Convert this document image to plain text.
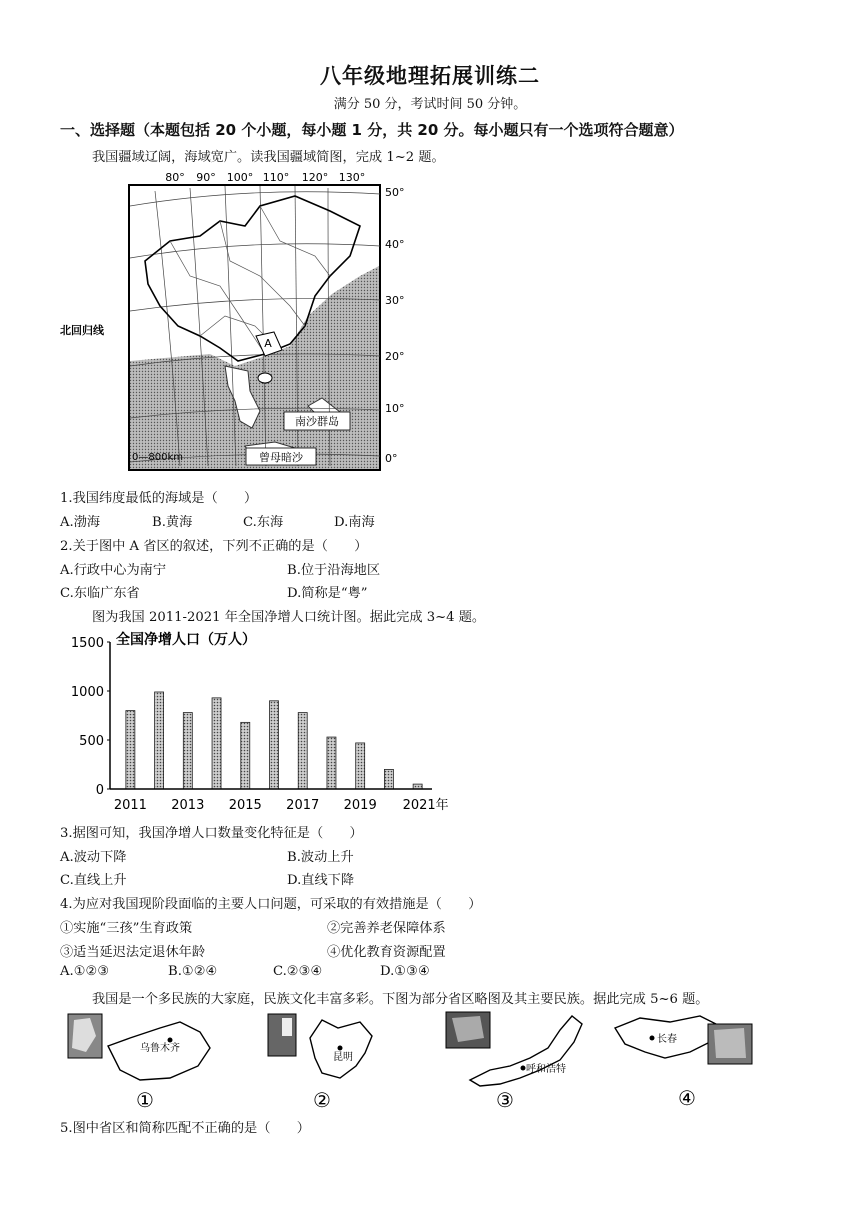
八年级地理拓展训练二
满分 50 分，考试时间 50 分钟。
一、选择题（本题包括 20 个小题，每小题 1 分，共 20 分。每小题只有一个选项符合题意）
我国疆域辽阔，海域宽广。读我国疆域简图，完成 1~2 题。
A
南沙群岛
曾母暗沙
0—800km
北回归线
80° 90° 100° 110° 120° 130°
50°
40°
30°
20°
10°
0°
1.我国纬度最低的海域是（　　）
A.渤海	B.黄海	C.东海	D.南海
2.关于图中 A 省区的叙述，下列不正确的是（　　）
A.行政中心为南宁	B.位于沿海地区
C.东临广东省	D.简称是“粤”
图为我国 2011-2021 年全国净增人口统计图。据此完成 3~4 题。
1500
1000
500
0
2011 2013 2015 2017 2019 2021年
全国净增人口（万人）
3.据图可知，我国净增人口数量变化特征是（　　）
A.波动下降	B.波动上升
C.直线上升	D.直线下降
4.为应对我国现阶段面临的主要人口问题，可采取的有效措施是（　　）
①实施“三孩”生育政策	②完善养老保障体系
③适当延迟法定退休年龄	④优化教育资源配置
A.①②③	B.①②④	C.②③④	D.①③④
我国是一个多民族的大家庭，民族文化丰富多彩。下图为部分省区略图及其主要民族。据此完成 5~6 题。
乌鲁木齐
①
昆明
②
呼和浩特
③
长春
④
5.图中省区和简称匹配不正确的是（　　）
